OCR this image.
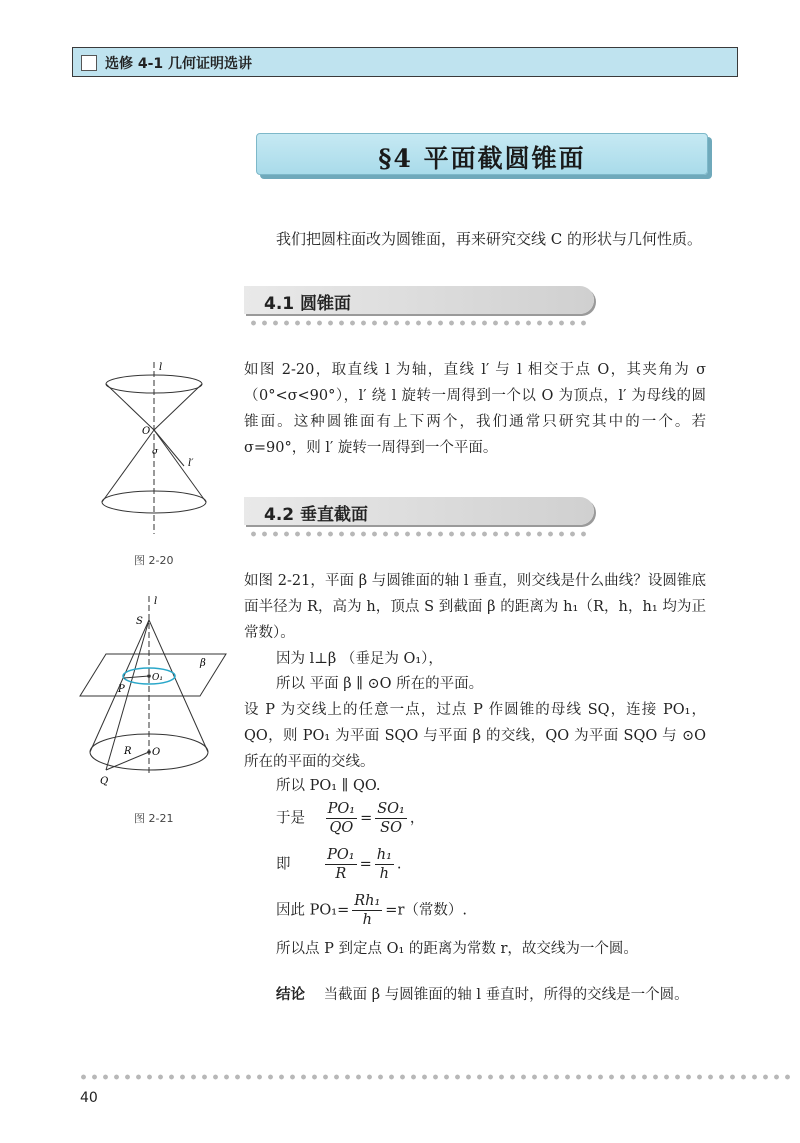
选修 4-1 几何证明选讲
§4 平面截圆锥面
我们把圆柱面改为圆锥面，再来研究交线 C 的形状与几何性质。
4.1 圆锥面
如图 2-20，取直线 l 为轴，直线 l′ 与 l 相交于点 O，其夹角为 σ（0°<σ<90°），l′ 绕 l 旋转一周得到一个以 O 为顶点，l′ 为母线的圆锥面。这种圆锥面有上下两个，我们通常只研究其中的一个。若 σ=90°，则 l′ 旋转一周得到一个平面。
l
O
σ
l′
图 2-20
4.2 垂直截面
如图 2-21，平面 β 与圆锥面的轴 l 垂直，则交线是什么曲线？设圆锥底面半径为 R，高为 h，顶点 S 到截面 β 的距离为 h₁（R，h，h₁ 均为正常数）。
因为 l⊥β （垂足为 O₁），
所以 平面 β ∥ ⊙O 所在的平面。
设 P 为交线上的任意一点，过点 P 作圆锥的母线 SQ，连接 PO₁，QO，则 PO₁ 为平面 SQO 与平面 β 的交线，QO 为平面 SQO 与 ⊙O 所在的平面的交线。
所以 PO₁ ∥ QO.
于是 $\frac{\text{PO₁}}{QO} = \frac{\text{SO₁}}{SO}$ ，
即 $\frac{\text{PO₁}}{R} = \frac{\text{h₁}}{h}$ .
因此 $PO_1= \frac{\text{Rh₁}}{h} =r$（常数）.
所以点 P 到定点 O₁ 的距离为常数 r，故交线为一个圆。
结论 当截面 β 与圆锥面的轴 l 垂直时，所得的交线是一个圆。
l
S
β
P
O₁
R O
Q
图 2-21
40
